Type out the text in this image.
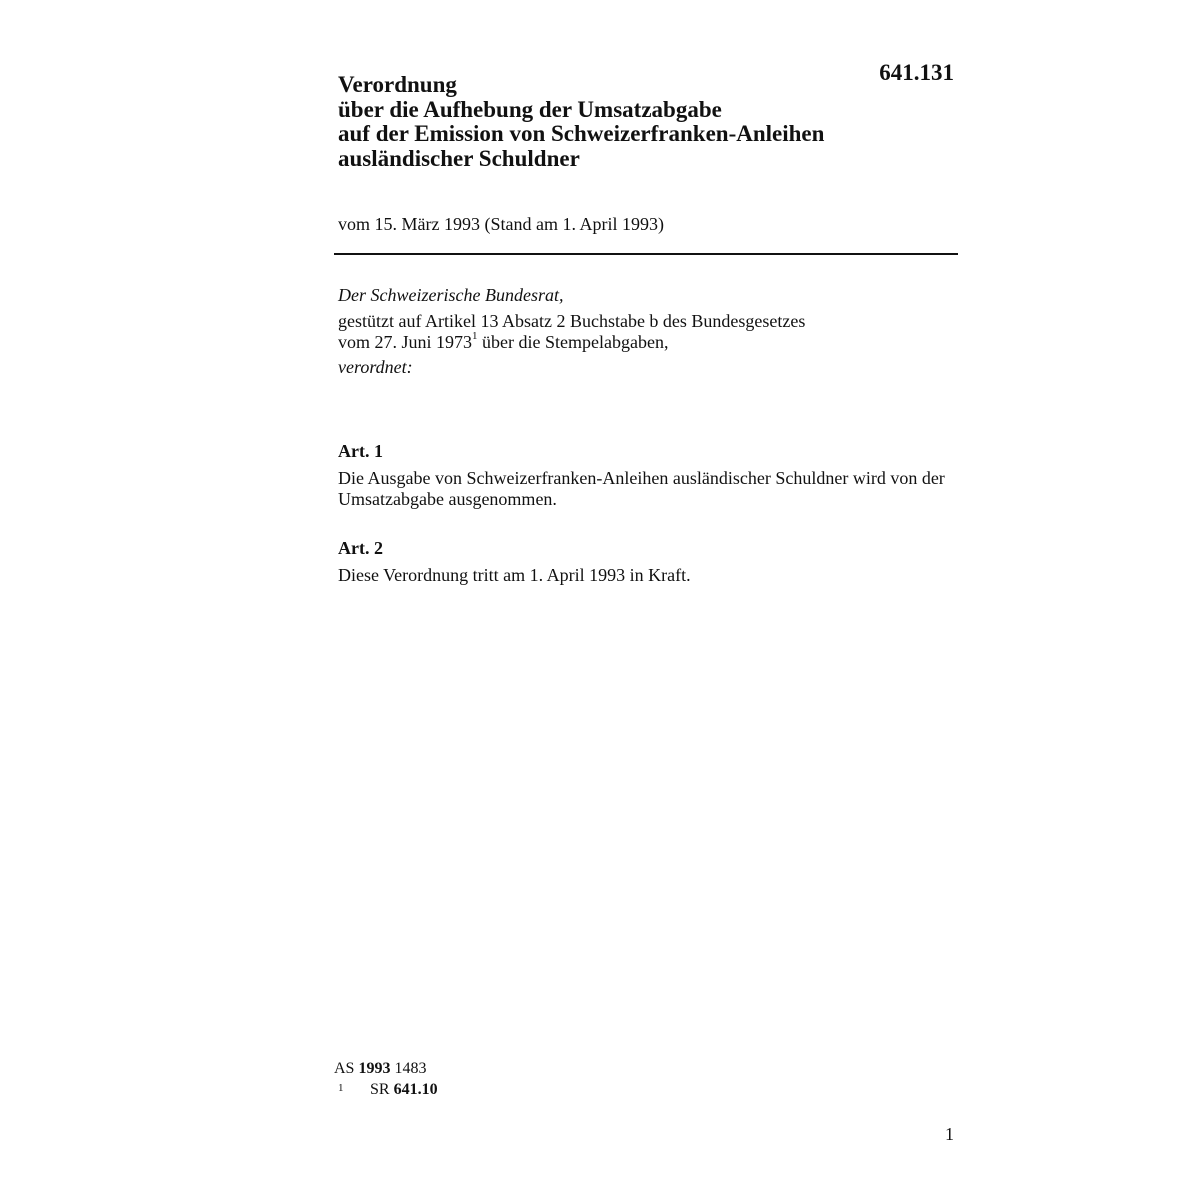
641.131
Verordnung
über die Aufhebung der Umsatzabgabe
auf der Emission von Schweizerfranken-Anleihen
ausländischer Schuldner
vom 15. März 1993 (Stand am 1. April 1993)
Der Schweizerische Bundesrat,
gestützt auf Artikel 13 Absatz 2 Buchstabe b des Bundesgesetzes
vom 27. Juni 1973$^1$ über die Stempelabgaben,
verordnet:
Art. 1
Die Ausgabe von Schweizerfranken-Anleihen ausländischer Schuldner wird von der Umsatzabgabe ausgenommen.
Art. 2
Diese Verordnung tritt am 1. April 1993 in Kraft.
AS 1993 1483
1 SR 641.10
1
